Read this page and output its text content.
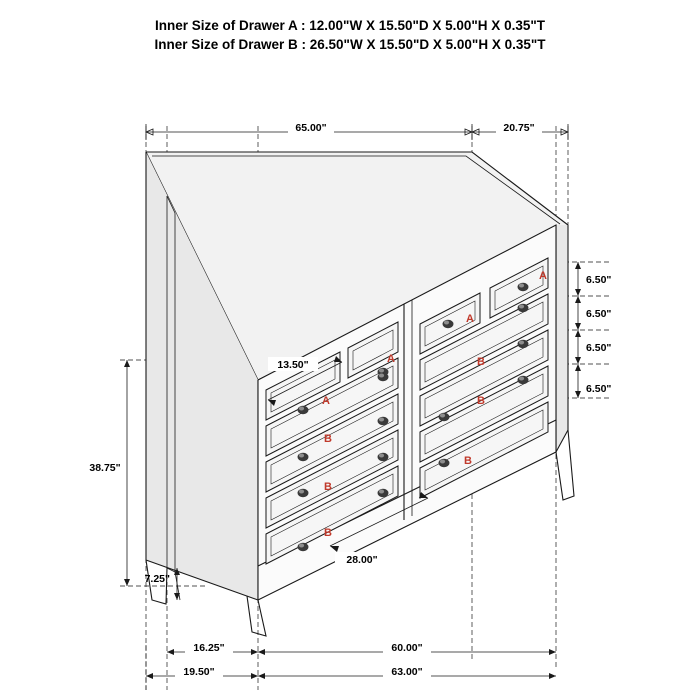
Inner Size of Drawer A : 12.00"W X 15.50"D X 5.00"H X 0.35"T
Inner Size of Drawer B : 26.50"W X 15.50"D X 5.00"H X 0.35"T
65.00"	20.75"
A
A
A
A
B
B
B
B
B
B
6.50"
6.50"
6.50"
6.50"
38.75"
7.25"
13.50"
28.00"
16.25"	60.00"
19.50"	63.00"
